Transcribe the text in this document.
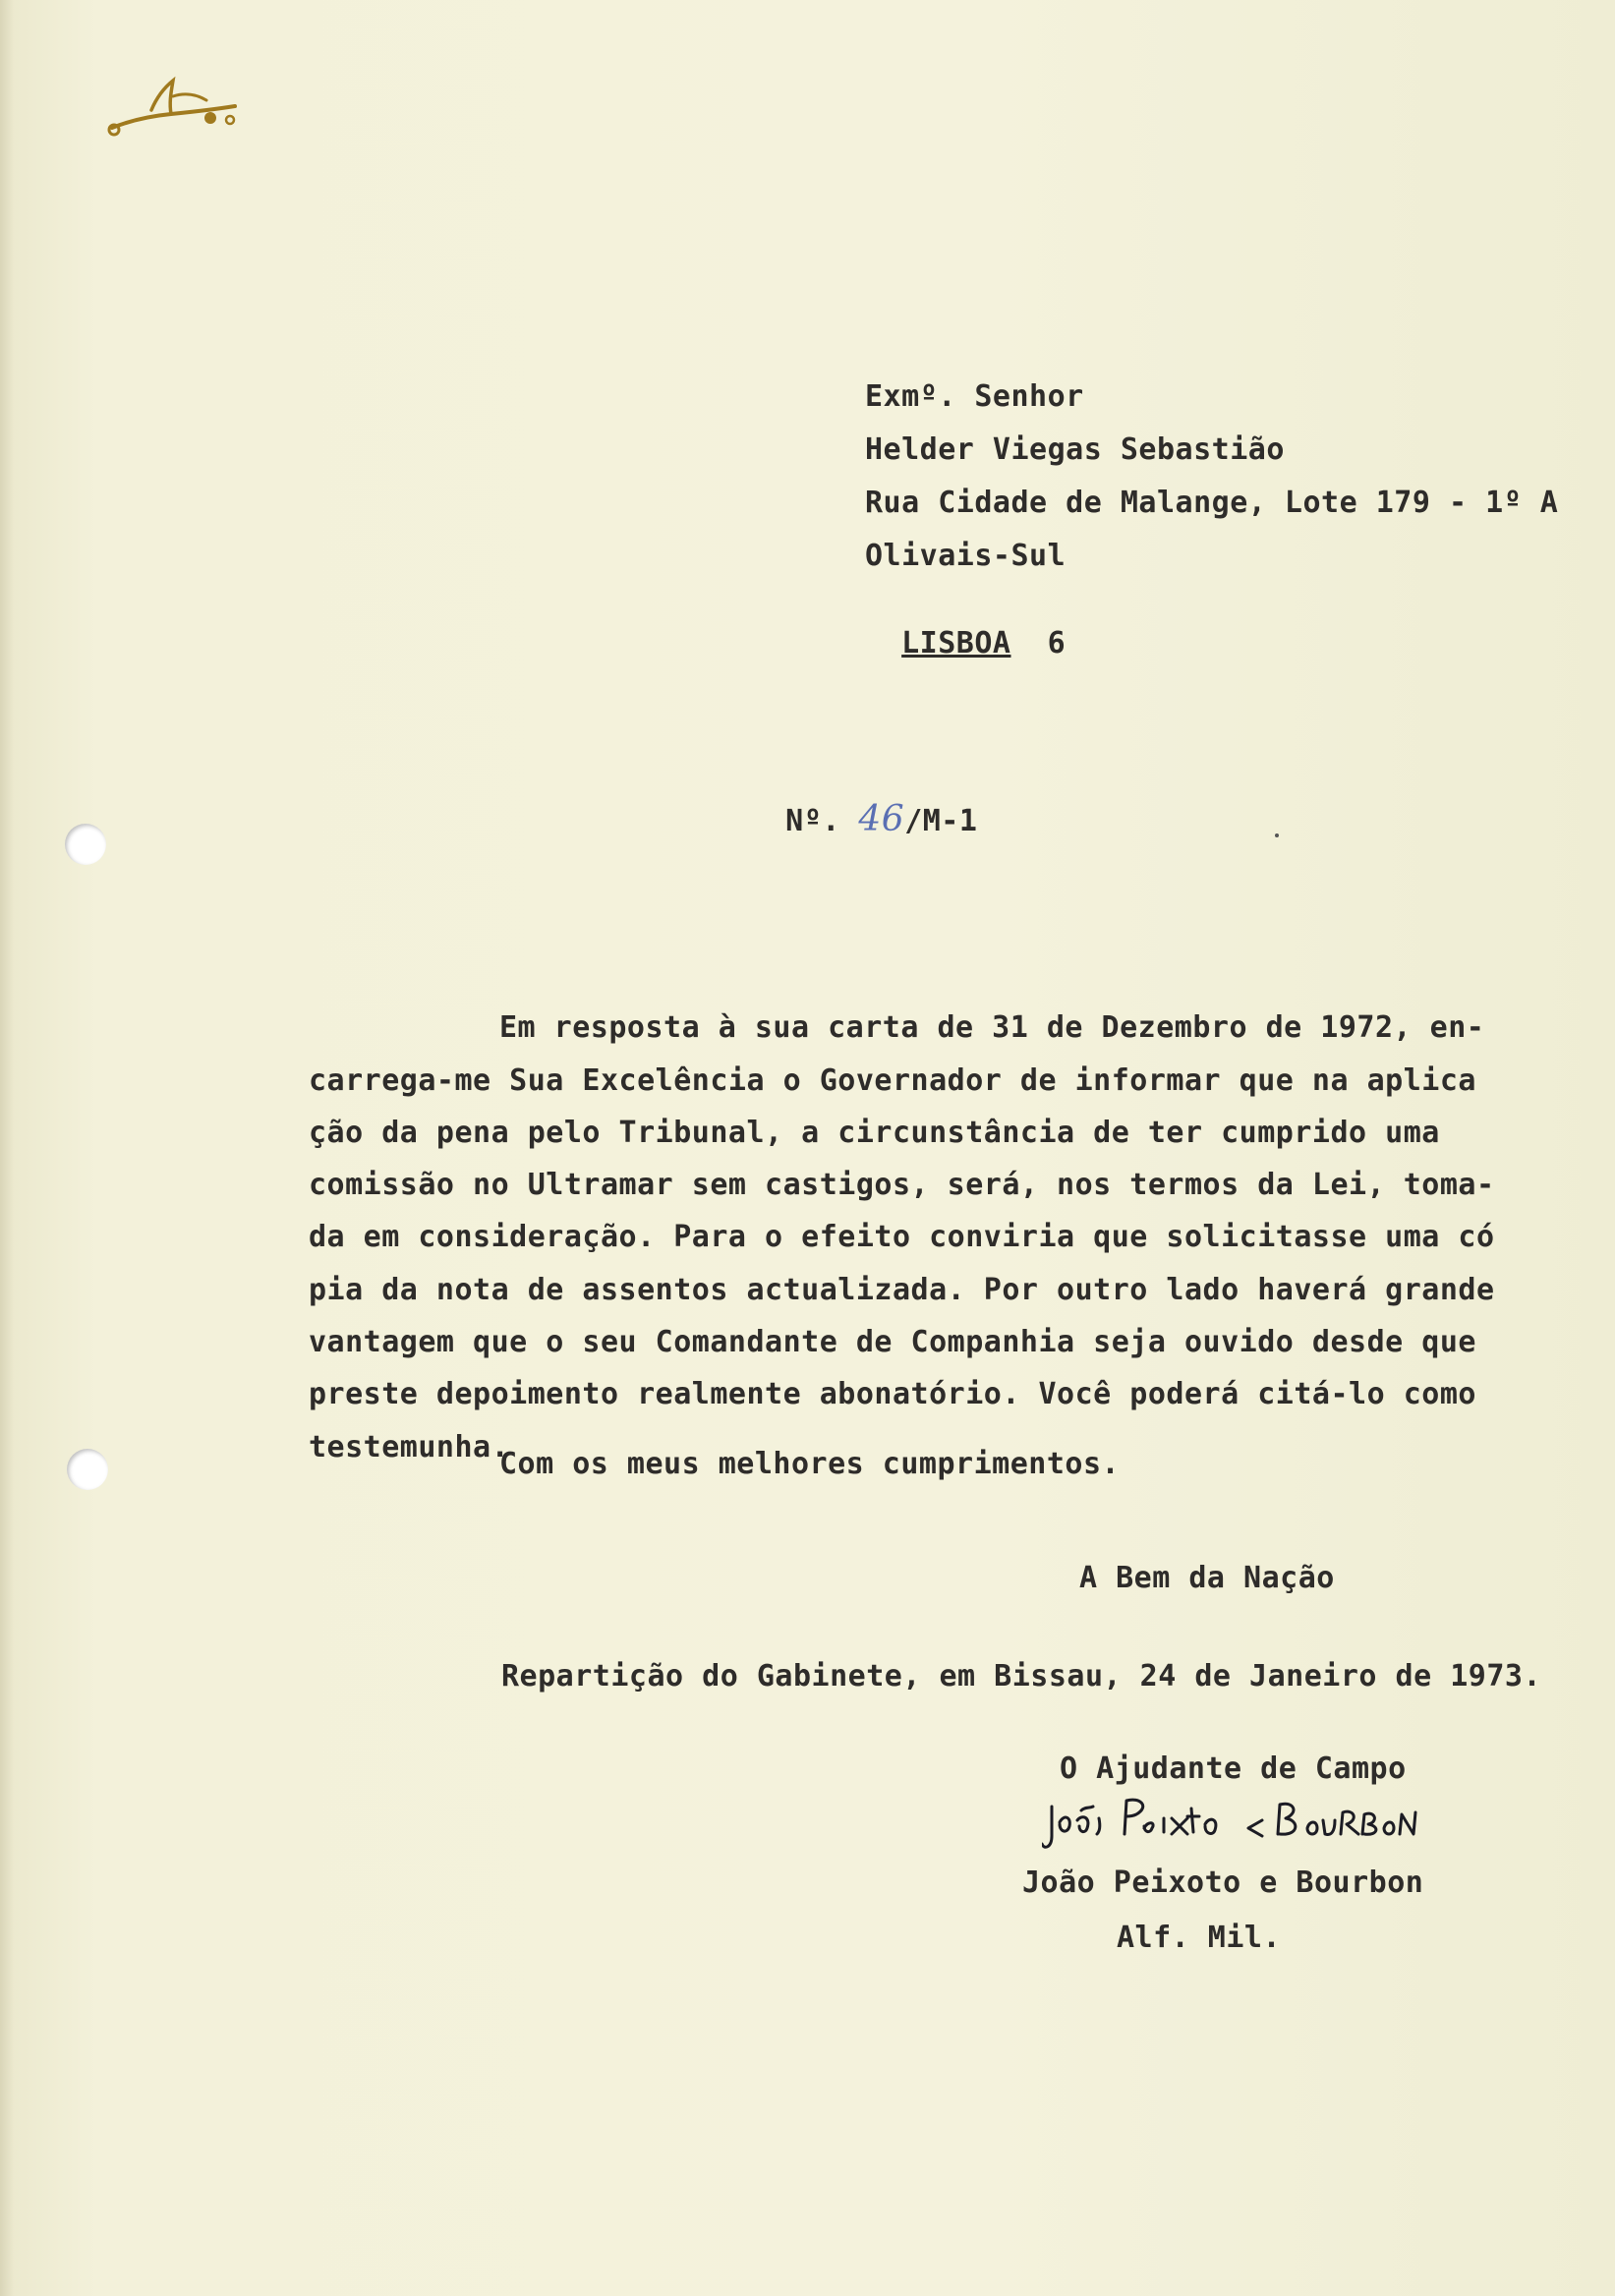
Exmº. Senhor
Helder Viegas Sebastião
Rua Cidade de Malange, Lote 179 - 1º A
Olivais-Sul

LISBOA 6

Nº. 46/M-1

Em resposta à sua carta de 31 de Dezembro de 1972, en-
carrega-me Sua Excelência o Governador de informar que na aplica
ção da pena pelo Tribunal, a circunstância de ter cumprido uma
comissão no Ultramar sem castigos, será, nos termos da Lei, toma-
da em consideração. Para o efeito conviria que solicitasse uma có
pia da nota de assentos actualizada. Por outro lado haverá grande
vantagem que o seu Comandante de Companhia seja ouvido desde que
preste depoimento realmente abonatório. Você poderá citá-lo como
testemunha.

Com os meus melhores cumprimentos.
A Bem da Nação
Repartição do Gabinete, em Bissau, 24 de Janeiro de 1973.
O Ajudante de Campo
João Peixoto e Bourbon
Alf. Mil.
